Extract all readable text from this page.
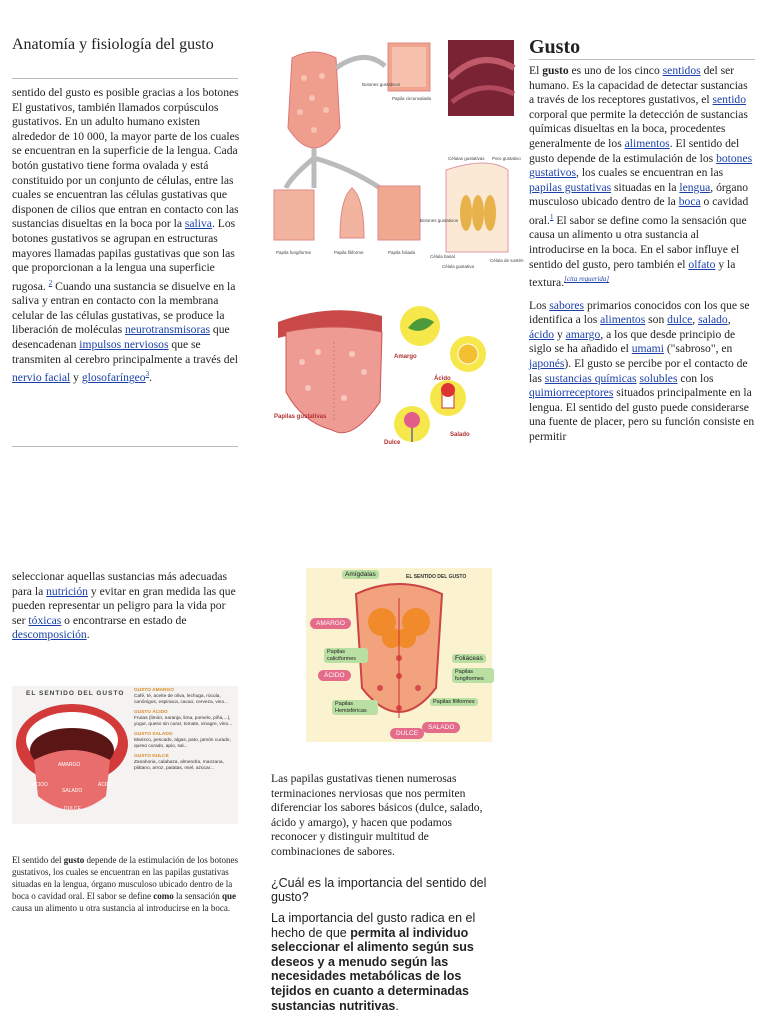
Anatomía y fisiología del gusto
sentido del gusto es posible gracias a los botones El gustativos, también llamados corpúsculos gustativos. En un adulto humano existen alrededor de 10 000, la mayor parte de los cuales se encuentran en la superficie de la lengua. Cada botón gustativo tiene forma ovalada y está constituido por un conjunto de células, entre las cuales se encuentran las células gustativas que disponen de cilios que entran en contacto con las sustancias disueltas en la boca por la saliva. Los botones gustativos se agrupan en estructuras mayores llamadas papilas gustativas que son las que proporcionan a la lengua una superficie rugosa. $^2$ Cuando una sustancia se disuelve en la saliva y entran en contacto con la membrana celular de las células gustativas, se produce la liberación de moléculas neurotransmisoras que desencadenan impulsos nerviosos que se transmiten al cerebro principalmente a través del nervio facial y glosofaríngeo$^3$.
Botones gustativos
Papila circunvalada
Células gustativas Poro gustativo
Botones gustativos
Papila fungiforme	Papila filiforme	Papila foliada
Célula basal
Célula gustativa
Célula de sostén
Amargo
Ácido
Papilas gustativas
Dulce
Salado
Gusto

El gusto es uno de los cinco sentidos del ser humano. Es la capacidad de detectar sustancias a través de los receptores gustativos, el sentido corporal que permite la detección de sustancias químicas disueltas en la boca, procedentes generalmente de los alimentos. El sentido del gusto depende de la estimulación de los botones gustativos, los cuales se encuentran en las papilas gustativas situadas en la lengua, órgano musculoso ubicado dentro de la boca o cavidad oral.$^1$ El sabor se define como la sensación que causa un alimento u otra sustancia al introducirse en la boca. En el sabor influye el sentido del gusto, pero también el olfato y la textura.[cita requerida]

Los sabores primarios conocidos con los que se identifica a los alimentos son dulce, salado, ácido y amargo, a los que desde principio de siglo se ha añadido el umami ("sabroso", en japonés). El gusto se percibe por el contacto de las sustancias químicas solubles con los quimiorreceptores situados principalmente en la lengua. El sentido del gusto puede considerarse una fuente de placer, pero su función consiste en permitir

seleccionar aquellas sustancias más adecuadas para la nutrición y evitar en gran medida las que pueden representar un peligro para la vida por ser tóxicas o encontrarse en estado de descomposición.
EL SENTIDO DEL GUSTO
AMARGO
ÁCIDO	ÁCIDO
SALADO
DULCE
GUSTO AMARGO
Café, té, aceite de oliva, lechuga, rúcula, canónigos, espinaca, cacao, cerveza, vino...
GUSTO ÁCIDO
Frutas (limón, naranja, lima, pomelo, piña,...), yogur, queso sin curar, tomate, vinagre, vino...
GUSTO SALADO
Marisco, pescado, algas, pato, jamón curado, queso curado, apio, sal...
GUSTO DULCE
Zanahoria, calabaza, almendra, manzana, plátano, arroz, patatas, miel, azúcar...
El sentido del gusto depende de la estimulación de los botones gustativos, los cuales se encuentran en las papilas gustativas situadas en la lengua, órgano musculoso ubicado dentro de la boca o cavidad oral. El sabor se define como la sensación que causa un alimento u otra sustancia al introducirse en la boca.
EL SENTIDO DEL GUSTO
Amígdalas
AMARGO
Papilas caliciformes
ÁCIDO
Foliáceas
Papilas fungiformes
Papilas Hemisféricas
Papilas filiformes
DULCE
SALADO
Las papilas gustativas tienen numerosas terminaciones nerviosas que nos permiten diferenciar los sabores básicos (dulce, salado, ácido y amargo), y hacen que podamos reconocer y distinguir multitud de combinaciones de sabores.
¿Cuál es la importancia del sentido del gusto?
La importancia del gusto radica en el hecho de que permita al individuo seleccionar el alimento según sus deseos y a menudo según las necesidades metabólicas de los tejidos en cuanto a determinadas sustancias nutritivas.
